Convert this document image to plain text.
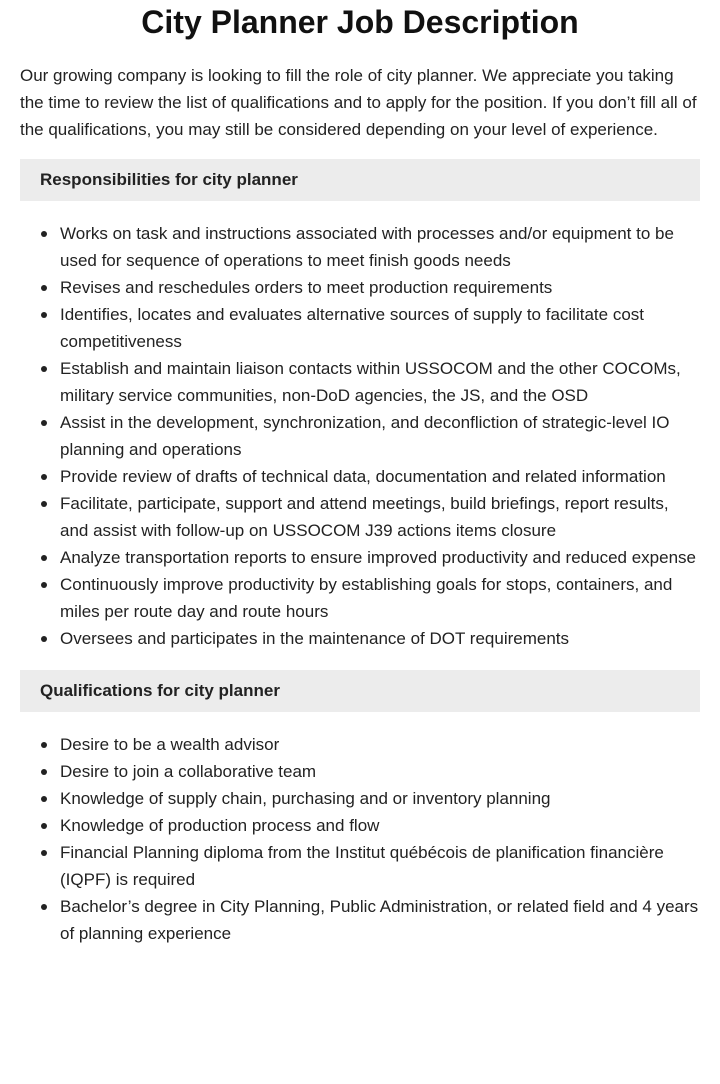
City Planner Job Description

Our growing company is looking to fill the role of city planner. We appreciate you taking the time to review the list of qualifications and to apply for the position. If you don’t fill all of the qualifications, you may still be considered depending on your level of experience.

Responsibilities for city planner
Works on task and instructions associated with processes and/or equipment to be used for sequence of operations to meet finish goods needs
Revises and reschedules orders to meet production requirements
Identifies, locates and evaluates alternative sources of supply to facilitate cost competitiveness
Establish and maintain liaison contacts within USSOCOM and the other COCOMs, military service communities, non-DoD agencies, the JS, and the OSD
Assist in the development, synchronization, and deconfliction of strategic-level IO planning and operations
Provide review of drafts of technical data, documentation and related information
Facilitate, participate, support and attend meetings, build briefings, report results, and assist with follow-up on USSOCOM J39 actions items closure
Analyze transportation reports to ensure improved productivity and reduced expense
Continuously improve productivity by establishing goals for stops, containers, and miles per route day and route hours
Oversees and participates in the maintenance of DOT requirements
Qualifications for city planner
Desire to be a wealth advisor
Desire to join a collaborative team
Knowledge of supply chain, purchasing and or inventory planning
Knowledge of production process and flow
Financial Planning diploma from the Institut québécois de planification financière (IQPF) is required
Bachelor’s degree in City Planning, Public Administration, or related field and 4 years of planning experience
